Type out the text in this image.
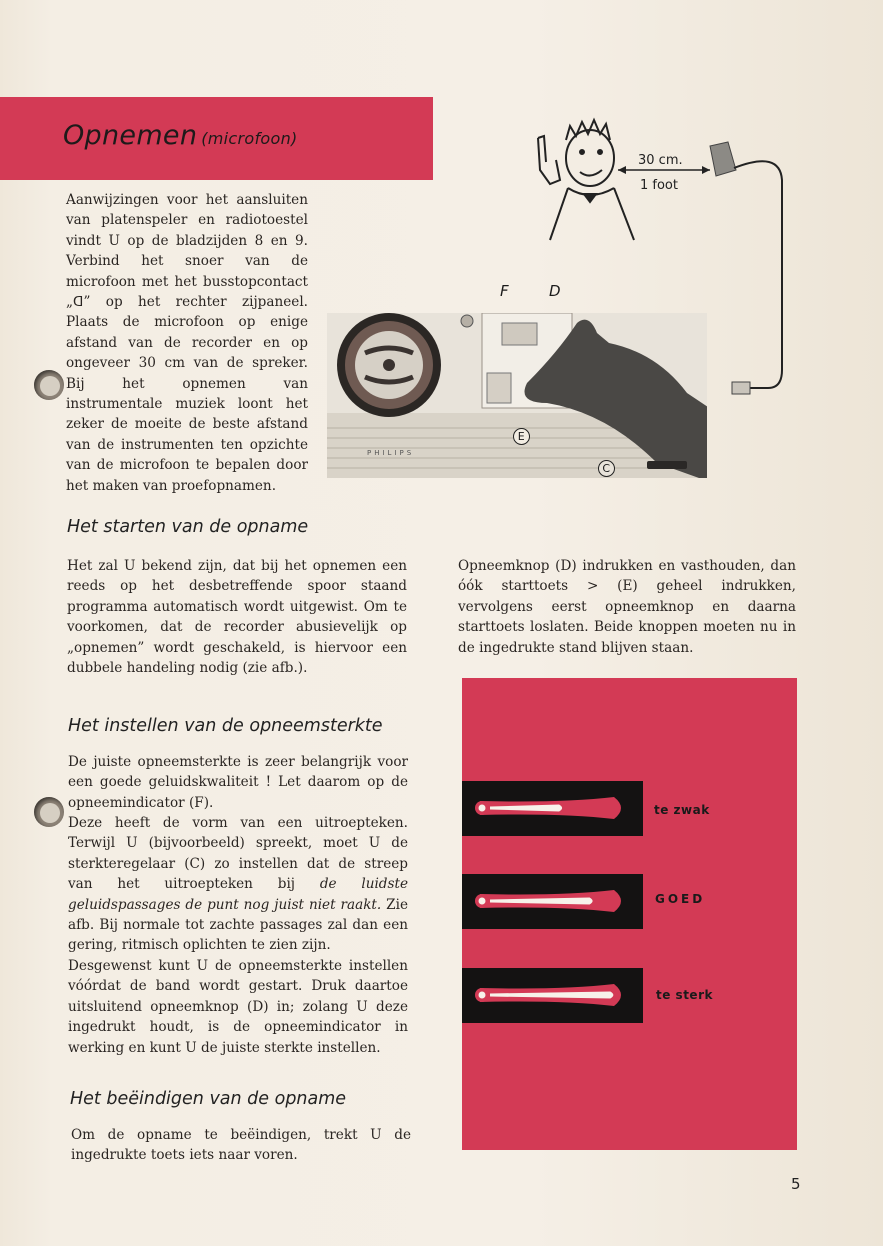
Opnemen (microfoon)

Aanwijzingen voor het aansluiten van platenspeler en radiotoestel vindt U op de bladzijden 8 en 9. Verbind het snoer van de microfoon met het busstopcontact „ᗡ” op het rechter zijpaneel. Plaats de microfoon op enige afstand van de recorder en op ongeveer 30 cm van de spreker. Bij het opnemen van instrumentale muziek loont het zeker de moeite de beste afstand van de instrumenten ten opzichte van de microfoon te bepalen door het maken van proefopnamen.

30 cm.
1 foot
PHILIPS
F	D
E
C
Het starten van de opname

Het zal U bekend zijn, dat bij het opnemen een reeds op het desbetreffende spoor staand programma automatisch wordt uitgewist. Om te voorkomen, dat de recorder abusievelijk op „opnemen” wordt geschakeld, is hiervoor een dubbele handeling nodig (zie afb.).

Opneemknop (D) indrukken en vasthouden, dan óók starttoets > (E) geheel indrukken, vervolgens eerst opneemknop en daarna starttoets loslaten. Beide knoppen moeten nu in de ingedrukte stand blijven staan.

Het instellen van de opneemsterkte

De juiste opneemsterkte is zeer belangrijk voor een goede geluidskwaliteit ! Let daarom op de opneemindicator (F).

Deze heeft de vorm van een uitroepteken. Terwijl U (bijvoorbeeld) spreekt, moet U de sterkteregelaar (C) zo instellen dat de streep van het uitroepteken bij de luidste geluidspassages de punt nog juist niet raakt. Zie afb. Bij normale tot zachte passages zal dan een gering, ritmisch oplichten te zien zijn.

Desgewenst kunt U de opneemsterkte instellen vóórdat de band wordt gestart. Druk daartoe uitsluitend opneemknop (D) in; zolang U deze ingedrukt houdt, is de opneemindicator in werking en kunt U de juiste sterkte instellen.

Het beëindigen van de opname

Om de opname te beëindigen, trekt U de ingedrukte toets iets naar voren.

te zwak
GOED
te sterk
5
